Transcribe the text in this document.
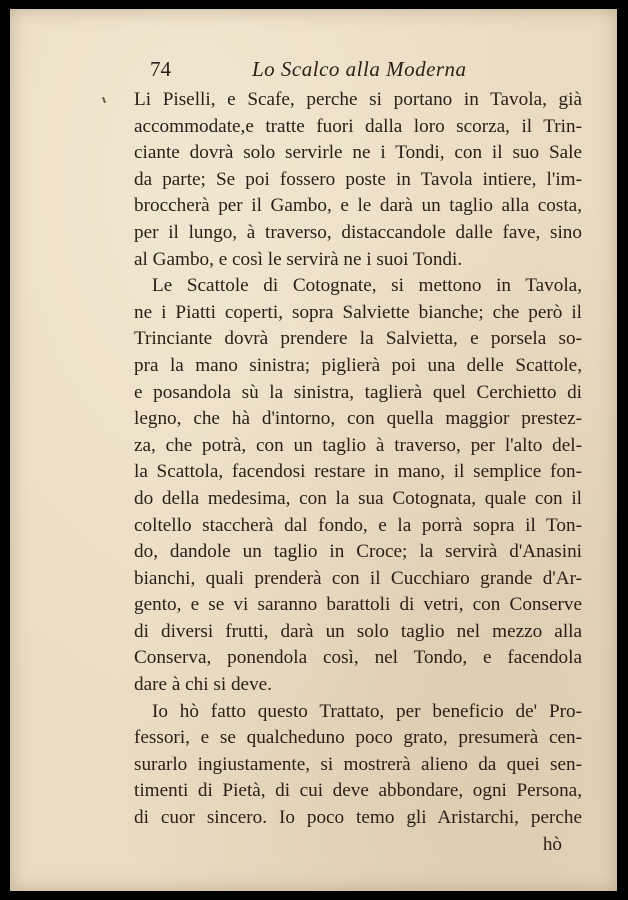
74	Lo Scalco alla Moderna
Li Piselli, e Scafe, perche si portano in Tavola, già
accommodate,e tratte fuori dalla loro scorza, il Trin-
ciante dovrà solo servirle ne i Tondi, con il suo Sale
da parte; Se poi fossero poste in Tavola intiere, l'im-
broccherà per il Gambo, e le darà un taglio alla costa,
per il lungo, à traverso, distaccandole dalle fave, sino
al Gambo, e così le servirà ne i suoi Tondi.
Le Scattole di Cotognate, si mettono in Tavola,
ne i Piatti coperti, sopra Salviette bianche; che però il
Trinciante dovrà prendere la Salvietta, e porsela so-
pra la mano sinistra; piglierà poi una delle Scattole,
e posandola sù la sinistra, taglierà quel Cerchietto di
legno, che hà d'intorno, con quella maggior prestez-
za, che potrà, con un taglio à traverso, per l'alto del-
la Scattola, facendosi restare in mano, il semplice fon-
do della medesima, con la sua Cotognata, quale con il
coltello staccherà dal fondo, e la porrà sopra il Ton-
do, dandole un taglio in Croce; la servirà d'Anasini
bianchi, quali prenderà con il Cucchiaro grande d'Ar-
gento, e se vi saranno barattoli di vetri, con Conserve
di diversi frutti, darà un solo taglio nel mezzo alla
Conserva, ponendola così, nel Tondo, e facendola
dare à chi si deve.
Io hò fatto questo Trattato, per beneficio de' Pro-
fessori, e se qualcheduno poco grato, presumerà cen-
surarlo ingiustamente, si mostrerà alieno da quei sen-
timenti di Pietà, di cui deve abbondare, ogni Persona,
di cuor sincero. Io poco temo gli Aristarchi, perche
hò
